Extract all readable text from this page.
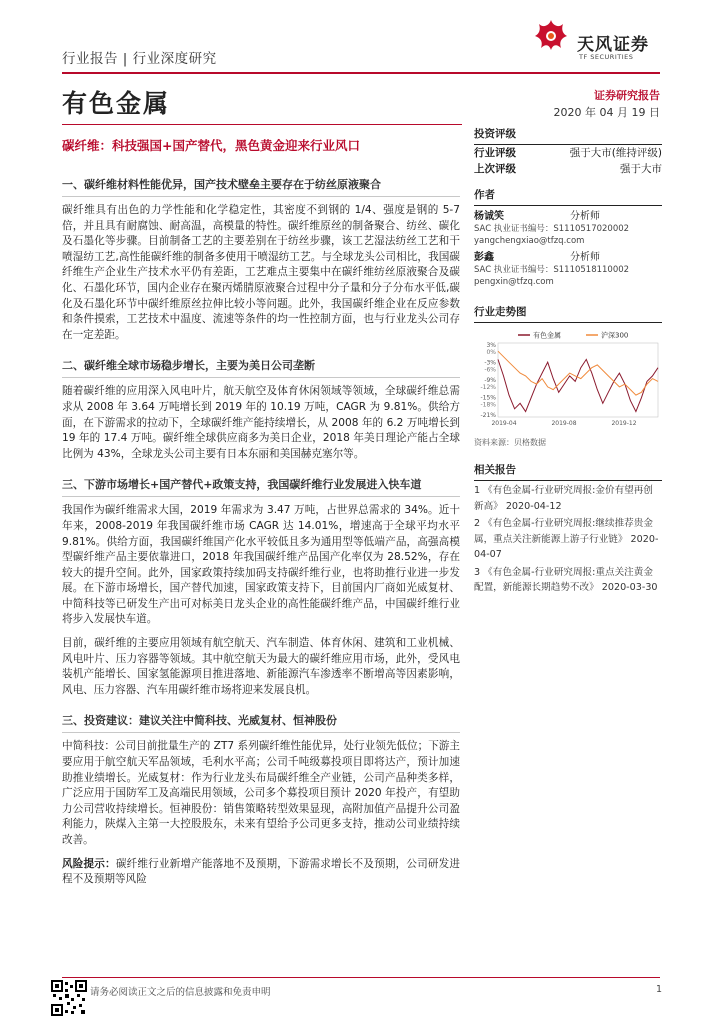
行业报告 | 行业深度研究
天风证券
TF SECURITIES
有色金属	证券研究报告
2020 年 04 月 19 日
碳纤维：科技强国+国产替代，黑色黄金迎来行业风口
一、碳纤维材料性能优异，国产技术壁垒主要存在于纺丝原液聚合
碳纤维具有出色的力学性能和化学稳定性，其密度不到钢的 1/4、强度是钢的 5-7 倍，并且具有耐腐蚀、耐高温，高模量的特性。碳纤维原丝的制备聚合、纺丝、碳化及石墨化等步骤。目前制备工艺的主要差别在于纺丝步骤，该工艺湿法纺丝工艺和干喷湿纺工艺,高性能碳纤维的制备多使用干喷湿纺工艺。与全球龙头公司相比，我国碳纤维生产企业生产技术水平仍有差距，工艺难点主要集中在碳纤维纺丝原液聚合及碳化、石墨化环节，国内企业存在聚丙烯腈原液聚合过程中分子量和分子分布水平低,碳化及石墨化环节中碳纤维原丝拉伸比较小等问题。此外，我国碳纤维企业在反应参数和条件摸索，工艺技术中温度、流速等条件的均一性控制方面，也与行业龙头公司存在一定差距。
二、碳纤维全球市场稳步增长，主要为美日公司垄断
随着碳纤维的应用深入风电叶片，航天航空及体育休闲领域等领域，全球碳纤维总需求从 2008 年 3.64 万吨增长到 2019 年的 10.19 万吨，CAGR 为 9.81%。供给方面，在下游需求的拉动下，全球碳纤维产能持续增长，从 2008 年的 6.2 万吨增长到 19 年的 17.4 万吨。碳纤维全球供应商多为美日企业，2018 年美日理论产能占全球比例为 43%，全球龙头公司主要有日本东丽和美国赫克塞尔等。
三、下游市场增长+国产替代+政策支持，我国碳纤维行业发展进入快车道
我国作为碳纤维需求大国，2019 年需求为 3.47 万吨，占世界总需求的 34%。近十年来，2008-2019 年我国碳纤维市场 CAGR 达 14.01%，增速高于全球平均水平 9.81%。供给方面，我国碳纤维国产化水平较低且多为通用型等低端产品，高强高模型碳纤维产品主要依靠进口，2018 年我国碳纤维产品国产化率仅为 28.52%，存在较大的提升空间。此外，国家政策持续加码支持碳纤维行业，也将助推行业进一步发展。在下游市场增长，国产替代加速，国家政策支持下，目前国内厂商如光威复材、中简科技等已研发生产出可对标美日龙头企业的高性能碳纤维产品，中国碳纤维行业将步入发展快车道。
目前，碳纤维的主要应用领域有航空航天、汽车制造、体育休闲、建筑和工业机械、风电叶片、压力容器等领域。其中航空航天为最大的碳纤维应用市场，此外，受风电装机产能增长、国家氢能源项目推进落地、新能源汽车渗透率不断增高等因素影响，风电、压力容器、汽车用碳纤维市场将迎来发展良机。
三、投资建议：建议关注中简科技、光威复材、恒神股份
中简科技：公司目前批量生产的 ZT7 系列碳纤维性能优异，处行业领先低位；下游主要应用于航空航天军品领域，毛利水平高；公司千吨级募投项目即将达产，预计加速助推业绩增长。光威复材：作为行业龙头布局碳纤维全产业链，公司产品种类多样，广泛应用于国防军工及高端民用领域，公司多个募投项目预计 2020 年投产，有望助力公司营收持续增长。恒神股份：销售策略转型效果显现，高附加值产品提升公司盈利能力，陕煤入主第一大控股股东，未来有望给予公司更多支持，推动公司业绩持续改善。
风险提示：碳纤维行业新增产能落地不及预期，下游需求增长不及预期，公司研发进程不及预期等风险
投资评级
行业评级	强于大市(维持评级)
上次评级	强于大市
作者
杨诚笑	分析师
SAC 执业证书编号：S1110517020002
yangchengxiao@tfzq.com
彭鑫	分析师
SAC 执业证书编号：S1110518110002
pengxin@tfzq.com
行业走势图
3%
-3%
-9%
-15%
-21%
0%
-6%
-12%
-18%
2019-04	2019-08	2019-12
有色金属	沪深300
资料来源：贝格数据
相关报告
1 《有色金属-行业研究周报:金价有望再创新高》 2020-04-12
2 《有色金属-行业研究周报:继续推荐贵金属，重点关注新能源上游子行业链》 2020-04-07
3 《有色金属-行业研究周报:重点关注黄金配置，新能源长期趋势不改》 2020-03-30
请务必阅读正文之后的信息披露和免责申明	1
